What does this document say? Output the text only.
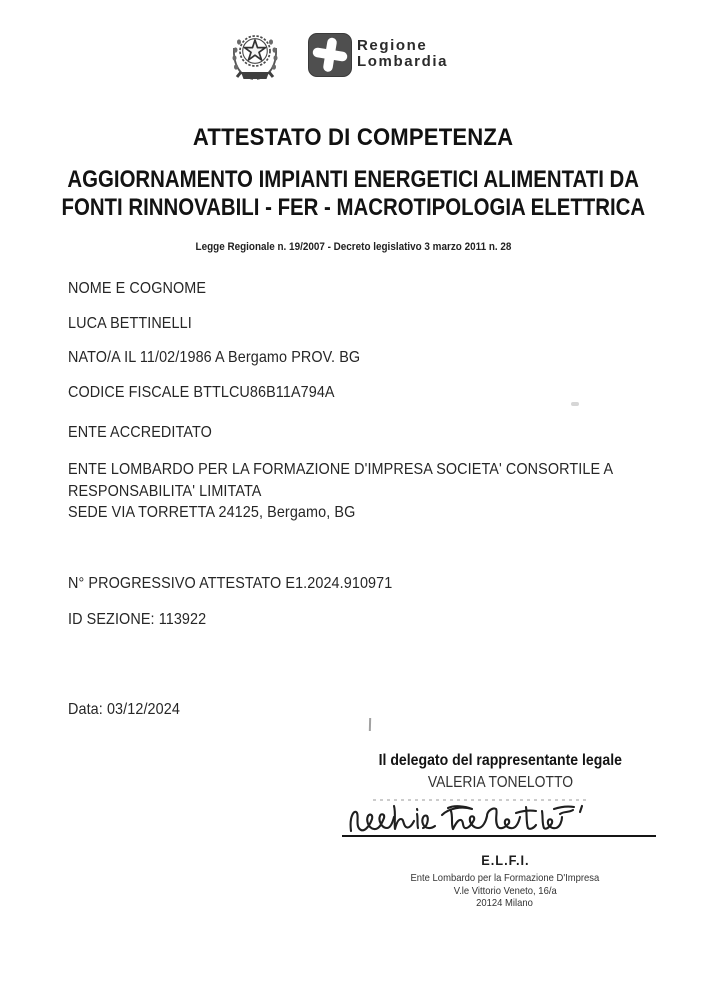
Regione
Lombardia
ATTESTATO DI COMPETENZA
AGGIORNAMENTO IMPIANTI ENERGETICI ALIMENTATI DA
FONTI RINNOVABILI - FER - MACROTIPOLOGIA ELETTRICA
Legge Regionale n. 19/2007 - Decreto legislativo 3 marzo 2011 n. 28
NOME E COGNOME
LUCA BETTINELLI
NATO/A IL 11/02/1986 A Bergamo PROV. BG
CODICE FISCALE BTTLCU86B11A794A
ENTE ACCREDITATO
ENTE LOMBARDO PER LA FORMAZIONE D'IMPRESA SOCIETA' CONSORTILE A RESPONSABILITA' LIMITATA
SEDE VIA TORRETTA 24125, Bergamo, BG
N° PROGRESSIVO ATTESTATO E1.2024.910971
ID SEZIONE: 113922
Data: 03/12/2024
Il delegato del rappresentante legale
VALERIA TONELOTTO
E.L.F.I.
Ente Lombardo per la Formazione D'Impresa
V.le Vittorio Veneto, 16/a
20124 Milano
